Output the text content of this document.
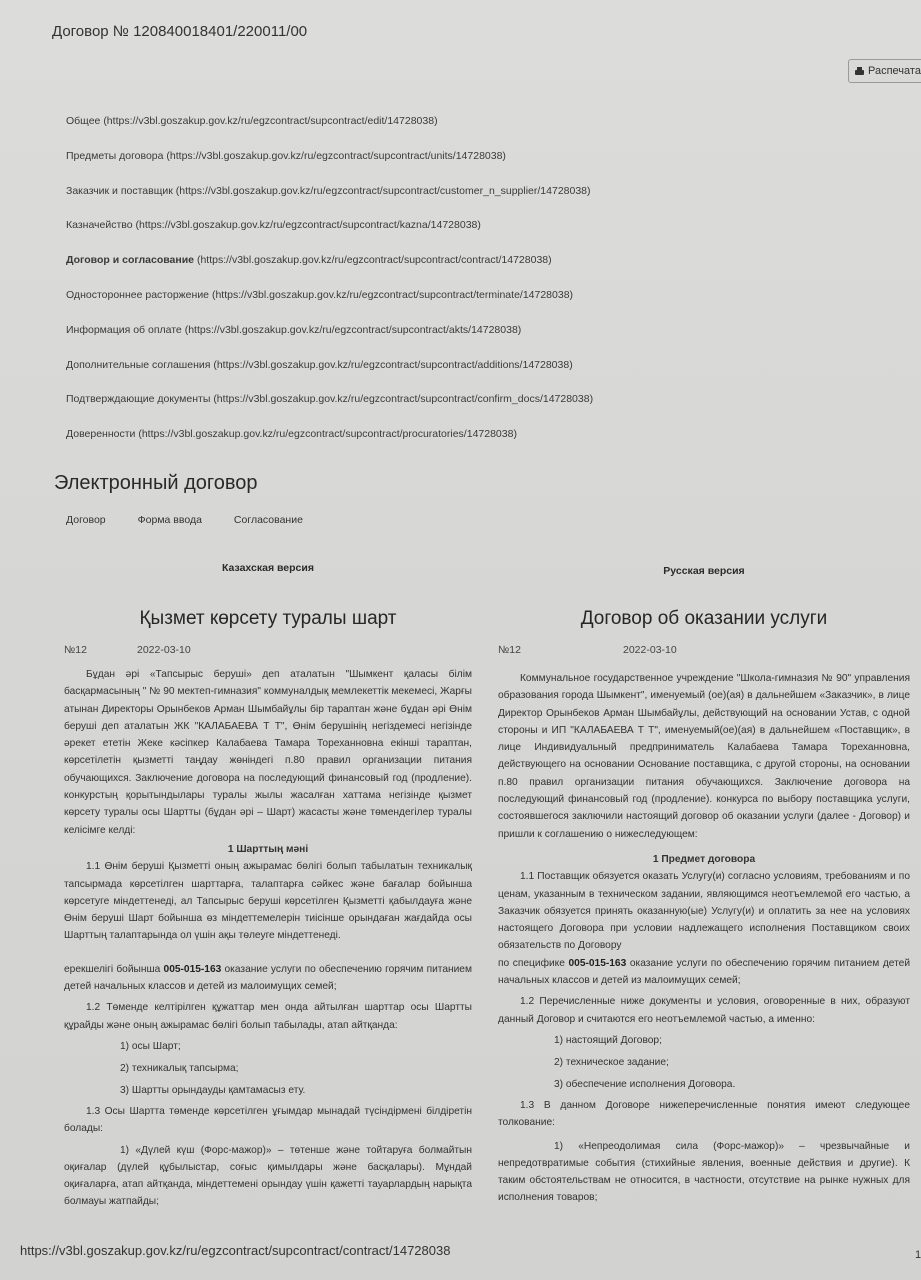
Договор № 120840018401/220011/00
Распечата
Общее (https://v3bl.goszakup.gov.kz/ru/egzcontract/supcontract/edit/14728038)
Предметы договора (https://v3bl.goszakup.gov.kz/ru/egzcontract/supcontract/units/14728038)
Заказчик и поставщик (https://v3bl.goszakup.gov.kz/ru/egzcontract/supcontract/customer_n_supplier/14728038)
Казначейство (https://v3bl.goszakup.gov.kz/ru/egzcontract/supcontract/kazna/14728038)
Договор и согласование (https://v3bl.goszakup.gov.kz/ru/egzcontract/supcontract/contract/14728038)
Одностороннее расторжение (https://v3bl.goszakup.gov.kz/ru/egzcontract/supcontract/terminate/14728038)
Информация об оплате (https://v3bl.goszakup.gov.kz/ru/egzcontract/supcontract/akts/14728038)
Дополнительные соглашения (https://v3bl.goszakup.gov.kz/ru/egzcontract/supcontract/additions/14728038)
Подтверждающие документы (https://v3bl.goszakup.gov.kz/ru/egzcontract/supcontract/confirm_docs/14728038)
Доверенности (https://v3bl.goszakup.gov.kz/ru/egzcontract/supcontract/procuratories/14728038)
Электронный договор
Договор	Форма ввода	Согласование
Казахская версия
Қызмет көрсету туралы шарт
№12	2022-03-10

Бұдан әрі «Тапсырыс беруші» деп аталатын "Шымкент қаласы білім басқармасының " № 90 мектеп-гимназия" коммуналдық мемлекеттік мекемесі, Жарғы атынан Директоры Орынбеков Арман Шымбайұлы бір тараптан және бұдан әрі Өнім беруші деп аталатын ЖК "КАЛАБАЕВА Т Т", Өнім берушінің негіздемесі негізінде әрекет ететін Жеке кәсіпкер Калабаева Тамара Тореханновна екінші тараптан, көрсетілетін қызметті таңдау жөніндегі п.80 правил организации питания обучающихся. Заключение договора на последующий финансовый год (продление). конкурстың қорытындылары туралы жылы жасалған хаттама негізінде қызмет көрсету туралы осы Шартты (бұдан әрі – Шарт) жасасты және төмендегілер туралы келісімге келді:

1 Шарттың мәні

1.1 Өнім беруші Қызметті оның ажырамас бөлігі болып табылатын техникалық тапсырмада көрсетілген шарттарға, талаптарға сәйкес және бағалар бойынша көрсетуге міндеттенеді, ал Тапсырыс беруші көрсетілген Қызметті қабылдауға және Өнім беруші Шарт бойынша өз міндеттемелерін тиісінше орындаған жағдайда осы Шарттың талаптарында ол үшін ақы төлеуге міндеттенеді.

ерекшелігі бойынша 005-015-163 оказание услуги по обеспечению горячим питанием детей начальных классов и детей из малоимущих семей;

1.2 Төменде келтірілген құжаттар мен онда айтылған шарттар осы Шартты құрайды және оның ажырамас бөлігі болып табылады, атап айтқанда:

1) осы Шарт;

2) техникалық тапсырма;

3) Шартты орындауды қамтамасыз ету.

1.3 Осы Шартта төменде көрсетілген ұғымдар мынадай түсіндірмені білдіретін болады:

1) «Дүлей күш (Форс-мажор)» – төтенше және тойтаруға болмайтын оқиғалар (дүлей құбылыстар, соғыс қимылдары және басқалары). Мұндай оқиғаларға, атап айтқанда, міндеттемені орындау үшін қажетті тауарлардың нарықта болмауы жатпайды;

Русская версия
Договор об оказании услуги
№12	2022-03-10

Коммунальное государственное учреждение "Школа-гимназия № 90" управления образования города Шымкент", именуемый (ое)(ая) в дальнейшем «Заказчик», в лице Директор Орынбеков Арман Шымбайұлы, действующий на основании Устав, с одной стороны и ИП "КАЛАБАЕВА Т Т", именуемый(ое)(ая) в дальнейшем «Поставщик», в лице Индивидуальный предприниматель Калабаева Тамара Тореханновна, действующего на основании Основание поставщика, с другой стороны, на основании п.80 правил организации питания обучающихся. Заключение договора на последующий финансовый год (продление). конкурса по выбору поставщика услуги, состоявшегося заключили настоящий договор об оказании услуги (далее - Договор) и пришли к соглашению о нижеследующем:

1 Предмет договора

1.1 Поставщик обязуется оказать Услугу(и) согласно условиям, требованиям и по ценам, указанным в техническом задании, являющимся неотъемлемой его частью, а Заказчик обязуется принять оказанную(ые) Услугу(и) и оплатить за нее на условиях настоящего Договора при условии надлежащего исполнения Поставщиком своих обязательств по Договору

по специфике 005-015-163 оказание услуги по обеспечению горячим питанием детей начальных классов и детей из малоимущих семей;

1.2 Перечисленные ниже документы и условия, оговоренные в них, образуют данный Договор и считаются его неотъемлемой частью, а именно:

1) настоящий Договор;

2) техническое задание;

3) обеспечение исполнения Договора.

1.3 В данном Договоре нижеперечисленные понятия имеют следующее толкование:

1) «Непреодолимая сила (Форс-мажор)» – чрезвычайные и непредотвратимые события (стихийные явления, военные действия и другие). К таким обстоятельствам не относится, в частности, отсутствие на рынке нужных для исполнения товаров;

https://v3bl.goszakup.gov.kz/ru/egzcontract/supcontract/contract/14728038	1
